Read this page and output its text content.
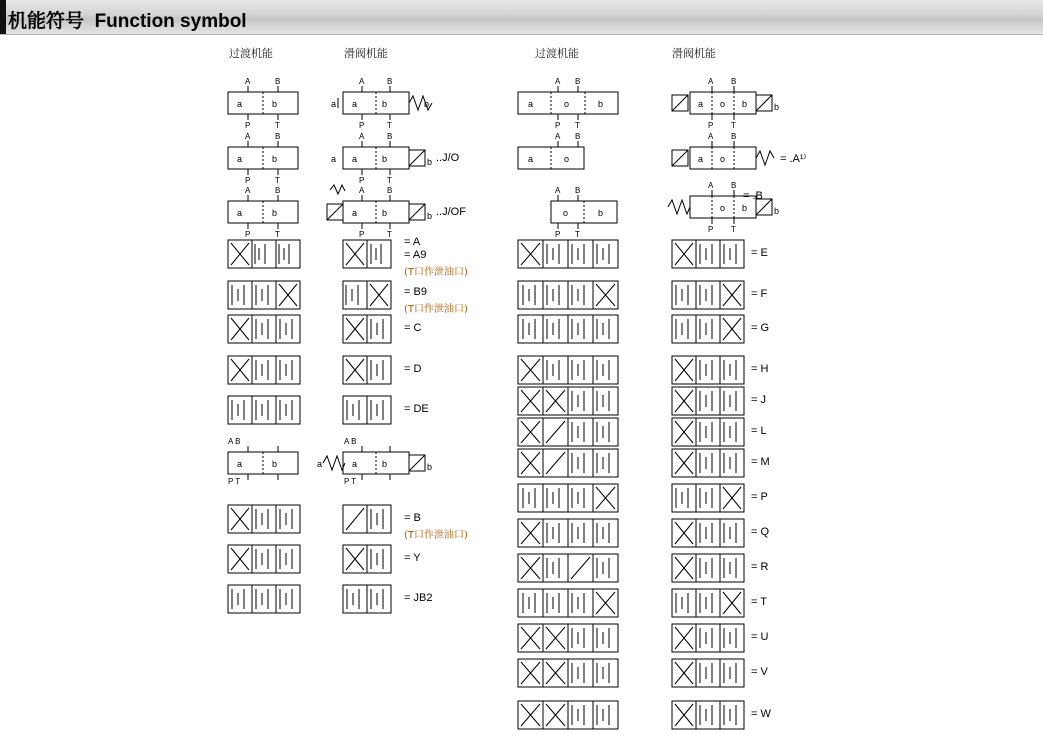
机能符号 Function symbol
过渡机能	滑阀机能	过渡机能	滑阀机能
a	b
A	B
P	T
a	b
A	B
P	T
a	b
A	B
P	T
a	b
a
A	B
P	T
b
a	b
a
A	B
P	T
b
a	b
A	B
P	T
b
a	b
A B
P T
a	b
a
A B
P T
b
a	o	b
A B
P T
a	o
A B
o	b
A B
P T
a o b
A B
P T
b
a o
A B
o b
A B
P T
b
..J/O
..J/OF
= A
= A9
(T口作泄油口)
= B9
(T口作泄油口)
= C
= D
= DE
= B
(T口作泄油口)
= Y
= JB2
= .A¹⁾
= .B
= E
= F
= G
= H
= J
= L
= M
= P
= Q
= R
= T
= U
= V
= W
